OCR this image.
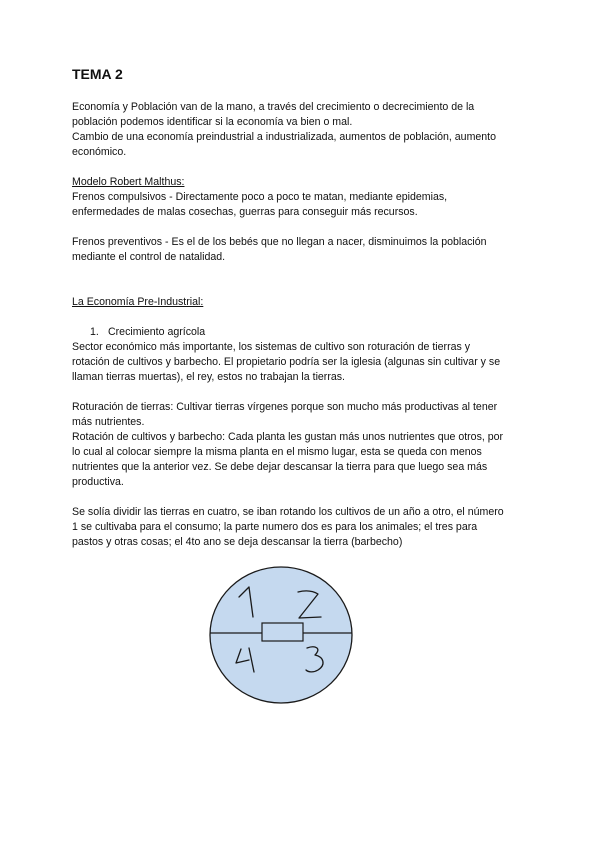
TEMA 2

Economía y Población van de la mano, a través del crecimiento o decrecimiento de la

población podemos identificar si la economía va bien o mal.

Cambio de una economía preindustrial a industrializada, aumentos de población, aumento

económico.

Modelo Robert Malthus:

Frenos compulsivos - Directamente poco a poco te matan, mediante epidemias,

enfermedades de malas cosechas, guerras para conseguir más recursos.

Frenos preventivos - Es el de los bebés que no llegan a nacer, disminuimos la población

mediante el control de natalidad.

La Economía Pre-Industrial:

1. Crecimiento agrícola

Sector económico más importante, los sistemas de cultivo son roturación de tierras y

rotación de cultivos y barbecho. El propietario podría ser la iglesia (algunas sin cultivar y se

llaman tierras muertas), el rey, estos no trabajan la tierras.

Roturación de tierras: Cultivar tierras vírgenes porque son mucho más productivas al tener

más nutrientes.

Rotación de cultivos y barbecho: Cada planta les gustan más unos nutrientes que otros, por

lo cual al colocar siempre la misma planta en el mismo lugar, esta se queda con menos

nutrientes que la anterior vez. Se debe dejar descansar la tierra para que luego sea más

productiva.

Se solía dividir las tierras en cuatro, se iban rotando los cultivos de un año a otro, el número

1 se cultivaba para el consumo; la parte numero dos es para los animales; el tres para

pastos y otras cosas; el 4to ano se deja descansar la tierra (barbecho)
